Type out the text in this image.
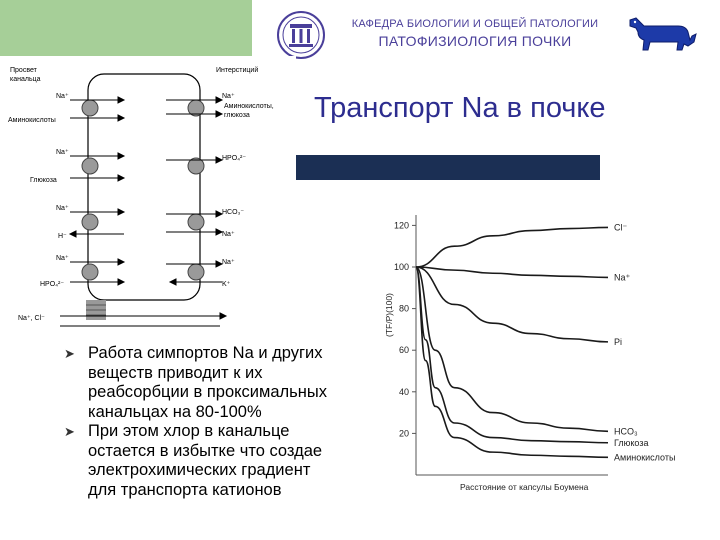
КАФЕДРА БИОЛОГИИ И ОБЩЕЙ ПАТОЛОГИИ
ПАТОФИЗИОЛОГИЯ ПОЧКИ
Транспорт Na в почке
Просвет
канальца
Интерстиций
Na⁺
Аминокислоты
Na⁺
Глюкоза
Na⁺
H⁻
Na⁺
HPO₄²⁻
Na⁺, Cl⁻
Na⁺
Аминокислоты,
глюкоза
HPO₄²⁻
HCO₃⁻
Na⁺
Na⁺
K⁺
➤ Работа симпортов Na и других
веществ приводит к их
реабсорбции в проксимальных
канальцах на 80-100%
➤ При этом хлор в канальце
остается в избытке что создае
электрохимических градиент
для транспорта катионов
120
100
80
60
40
20
Cl⁻
Na⁺
Pi
HCO₃
Глюкоза
Аминокислоты
Расстояние от капсулы Боумена
(TF/P)(100)
